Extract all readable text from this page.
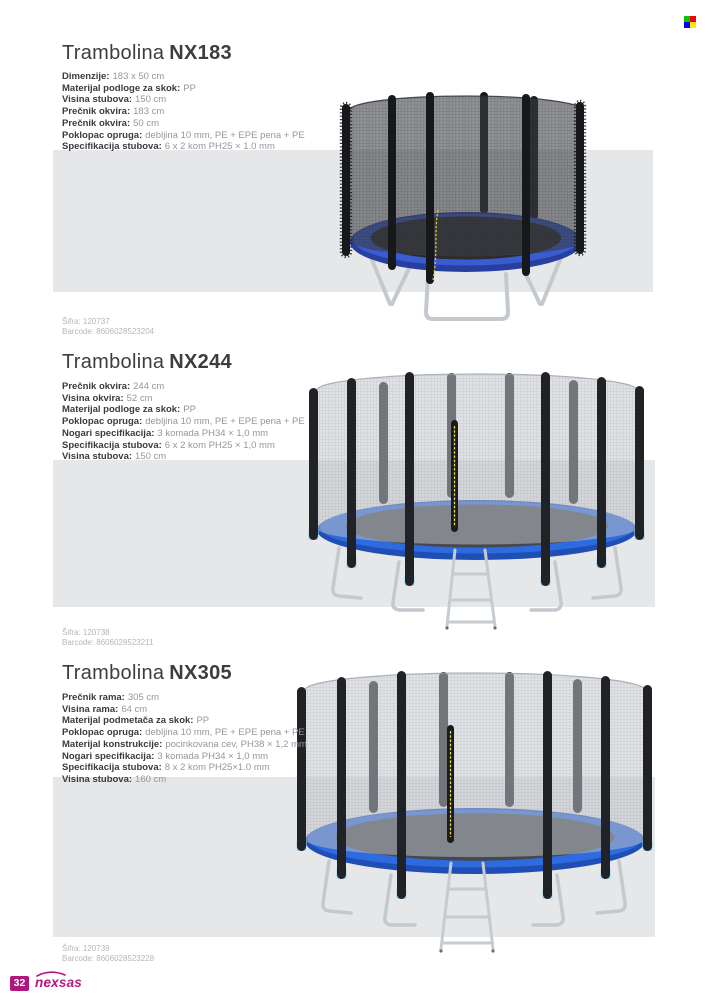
Trambolina NX183
Dimenzije: 183 x 50 cm
Materijal podloge za skok: PP
Visina stubova: 150 cm
Prečnik okvira: 183 cm
Prečnik okvira: 50 cm
Poklopac opruga: debljina 10 mm, PE + EPE pena + PE
Specifikacija stubova: 6 x 2 kom PH25 × 1.0 mm
Šifra: 120737
Barcode: 8606028523204
Trambolina NX244
Prečnik okvira: 244 cm
Visina okvira: 52 cm
Materijal podloge za skok: PP
Poklopac opruga: debljina 10 mm, PE + EPE pena + PE
Nogari specifikacija: 3 komada PH34 × 1,0 mm
Specifikacija stubova: 6 x 2 kom PH25 × 1,0 mm
Visina stubova: 150 cm
Šifra: 120738
Barcode: 8606028523211
Trambolina NX305
Prečnik rama: 305 cm
Visina rama: 64 cm
Materijal podmetača za skok: PP
Poklopac opruga: debljina 10 mm, PE + EPE pena + PE
Materijal konstrukcije: pocinkovana cev, PH38 × 1,2 mm
Nogari specifikacija: 3 komada PH34 × 1,0 mm
Specifikacija stubova: 8 x 2 kom PH25×1.0 mm
Visina stubova: 160 cm
Šifra: 120739
Barcode: 8606028523228
32 nexsas
